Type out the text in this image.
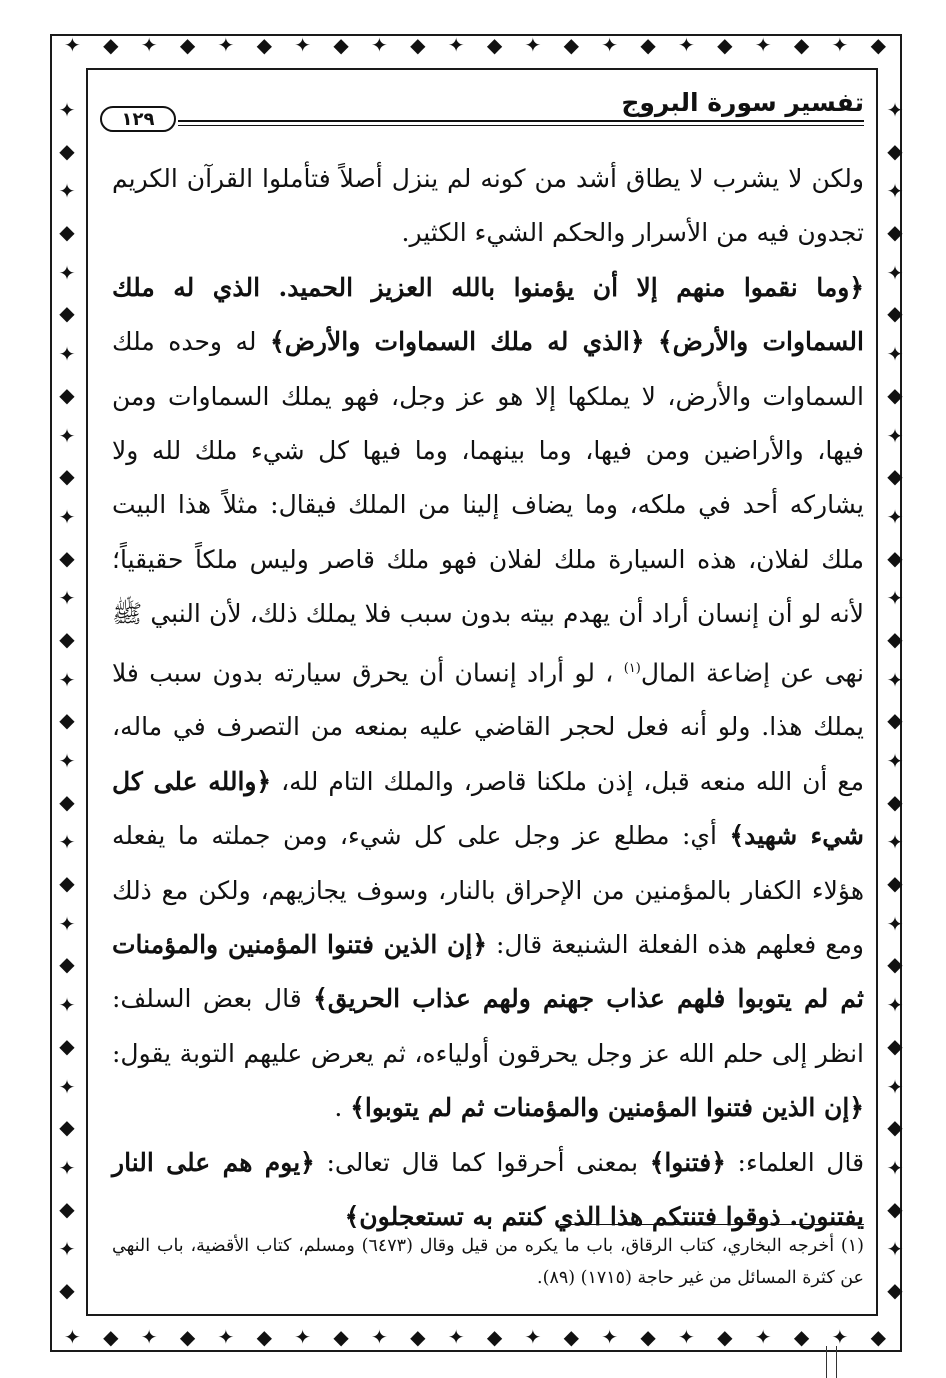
✦ ◆ ✦ ◆ ✦ ◆ ✦ ◆ ✦ ◆ ✦ ◆ ✦ ◆ ✦ ◆ ✦ ◆ ✦ ◆ ✦ ◆
✦ ◆ ✦ ◆ ✦ ◆ ✦ ◆ ✦ ◆ ✦ ◆ ✦ ◆ ✦ ◆ ✦ ◆ ✦ ◆ ✦ ◆
✦
◆
✦
◆
✦
◆
✦
◆
✦
◆
✦
◆
✦
◆
✦
◆
✦
◆
✦
◆
✦
◆
✦
◆
✦
◆
✦
◆
✦
◆
✦
◆
✦
◆
✦
◆
✦
◆
✦
◆
✦
◆
✦
◆
✦
◆
✦
◆
✦
◆
✦
◆
✦
◆
✦
◆
✦
◆
✦
◆
تفسير سورة البروج
١٢٩

ولكن لا يشرب لا يطاق أشد من كونه لم ينزل أصلاً فتأملوا القرآن الكريم تجدون فيه من الأسرار والحكم الشيء الكثير.

﴿وما نقموا منهم إلا أن يؤمنوا بالله العزيز الحميد. الذي له ملك السماوات والأرض﴾ ﴿الذي له ملك السماوات والأرض﴾ له وحده ملك السماوات والأرض، لا يملكها إلا هو عز وجل، فهو يملك السماوات ومن فيها، والأراضين ومن فيها، وما بينهما، وما فيها كل شيء ملك لله ولا يشاركه أحد في ملكه، وما يضاف إلينا من الملك فيقال: مثلاً هذا البيت ملك لفلان، هذه السيارة ملك لفلان فهو ملك قاصر وليس ملكاً حقيقياً؛ لأنه لو أن إنسان أراد أن يهدم بيته بدون سبب فلا يملك ذلك، لأن النبي ﷺ نهى عن إضاعة المال$^{(١)}$ ، لو أراد إنسان أن يحرق سيارته بدون سبب فلا يملك هذا. ولو أنه فعل لحجر القاضي عليه بمنعه من التصرف في ماله، مع أن الله منعه قبل، إذن ملكنا قاصر، والملك التام لله، ﴿والله على كل شيء شهيد﴾ أي: مطلع عز وجل على كل شيء، ومن جملته ما يفعله هؤلاء الكفار بالمؤمنين من الإحراق بالنار، وسوف يجازيهم، ولكن مع ذلك ومع فعلهم هذه الفعلة الشنيعة قال: ﴿إن الذين فتنوا المؤمنين والمؤمنات ثم لم يتوبوا فلهم عذاب جهنم ولهم عذاب الحريق﴾ قال بعض السلف: انظر إلى حلم الله عز وجل يحرقون أولياءه، ثم يعرض عليهم التوبة يقول: ﴿إن الذين فتنوا المؤمنين والمؤمنات ثم لم يتوبوا﴾ .

قال العلماء: ﴿فتنوا﴾ بمعنى أحرقوا كما قال تعالى: ﴿يوم هم على النار يفتنون. ذوقوا فتنتكم هذا الذي كنتم به تستعجلون﴾

(١) أخرجه البخاري، كتاب الرقاق، باب ما يكره من قيل وقال (٦٤٧٣) ومسلم، كتاب الأقضية، باب النهي عن كثرة المسائل من غير حاجة (١٧١٥) (٨٩).
